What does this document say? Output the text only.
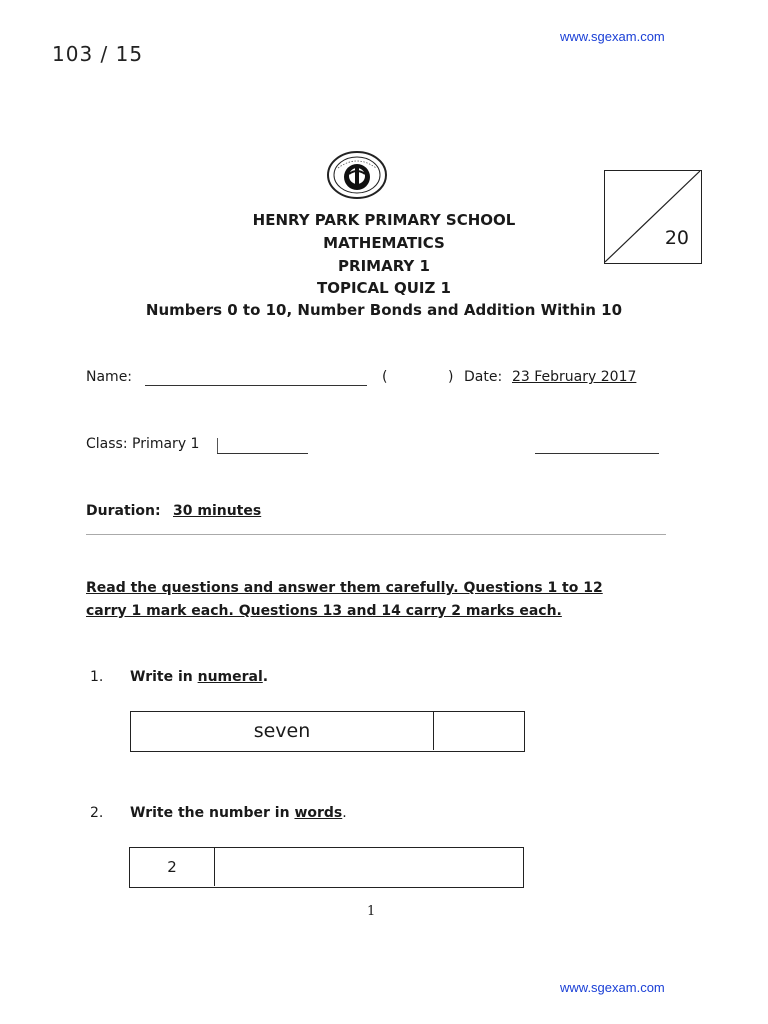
103 / 15
www.sgexam.com
www.sgexam.com
HENRY PARK PRIMARY SCHOOL
MATHEMATICS
PRIMARY 1
TOPICAL QUIZ 1
Numbers 0 to 10, Number Bonds and Addition Within 10
20
Name:	(	) Date: 23 February 2017
Class: Primary 1
Duration: 30 minutes
Read the questions and answer them carefully. Questions 1 to 12
carry 1 mark each. Questions 13 and 14 carry 2 marks each.
1. Write in numeral.
seven
2. Write the number in words.
2
1
